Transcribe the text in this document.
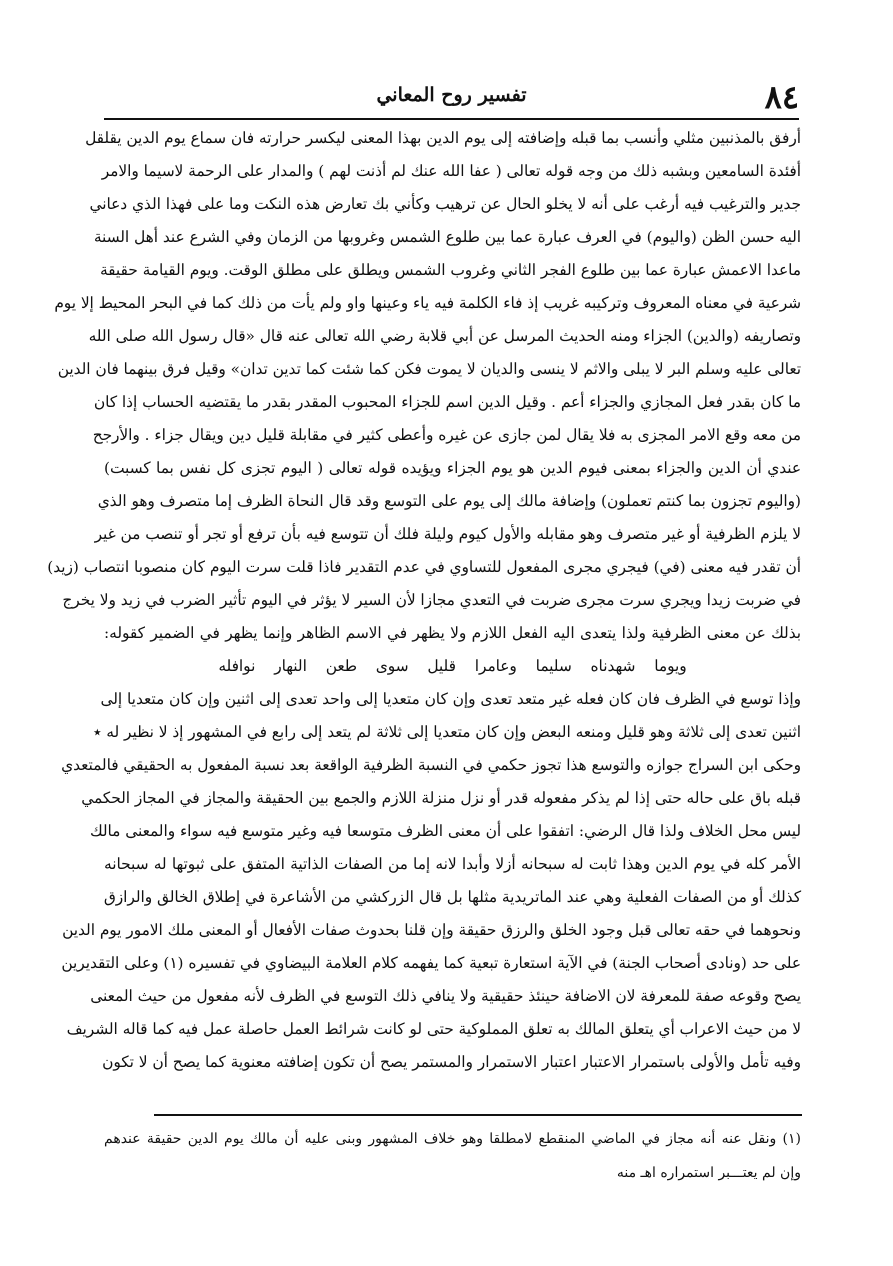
٨٤
تفسير روح المعاني
أرفق بالمذنبين مثلي وأنسب بما قبله وإضافته إلى يوم الدين بهذا المعنى ليكسر حرارته فان سماع يوم الدين يقلقل
أفئدة السامعين وبشبه ذلك من وجه قوله تعالى ( عفا الله عنك لم أذنت لهم ) والمدار على الرحمة لاسيما والامر
جدير والترغيب فيه أرغب على أنه لا يخلو الحال عن ترهيب وكأني بك تعارض هذه النكت وما على فهذا الذي دعاني
اليه حسن الظن (واليوم) في العرف عبارة عما بين طلوع الشمس وغروبها من الزمان وفي الشرع عند أهل السنة
ماعدا الاعمش عبارة عما بين طلوع الفجر الثاني وغروب الشمس ويطلق على مطلق الوقت. ويوم القيامة حقيقة
شرعية في معناه المعروف وتركيبه غريب إذ فاء الكلمة فيه ياء وعينها واو ولم يأت من ذلك كما في البحر المحيط إلا يوم
وتصاريفه (والدين) الجزاء ومنه الحديث المرسل عن أبي قلابة رضي الله تعالى عنه قال «قال رسول الله صلى الله
تعالى عليه وسلم البر لا يبلى والاثم لا ينسى والديان لا يموت فكن كما شئت كما تدين تدان» وقيل فرق بينهما فان الدين
ما كان بقدر فعل المجازي والجزاء أعم . وقيل الدين اسم للجزاء المحبوب المقدر بقدر ما يقتضيه الحساب إذا كان
من معه وقع الامر المجزى به فلا يقال لمن جازى عن غيره وأعطى كثير في مقابلة قليل دين ويقال جزاء . والأرجح
عندي أن الدين والجزاء بمعنى فيوم الدين هو يوم الجزاء ويؤيده قوله تعالى ( اليوم تجزى كل نفس بما كسبت)
(واليوم تجزون بما كنتم تعملون) وإضافة مالك إلى يوم على التوسع وقد قال النحاة الظرف إما متصرف وهو الذي
لا يلزم الظرفية أو غير متصرف وهو مقابله والأول كيوم وليلة فلك أن تتوسع فيه بأن ترفع أو تجر أو تنصب من غير
أن تقدر فيه معنى (في) فيجري مجرى المفعول للتساوي في عدم التقدير فاذا قلت سرت اليوم كان منصوبا انتصاب (زيد)
في ضربت زيدا ويجري سرت مجرى ضربت في التعدي مجازا لأن السير لا يؤثر في اليوم تأثير الضرب في زيد ولا يخرج
بذلك عن معنى الظرفية ولذا يتعدى اليه الفعل اللازم ولا يظهر في الاسم الظاهر وإنما يظهر في الضمير كقوله:
ويوما شهدناه سليما وعامرا قليل سوى طعن النهار نوافله
وإذا توسع في الظرف فان كان فعله غير متعد تعدى وإن كان متعديا إلى واحد تعدى إلى اثنين وإن كان متعديا إلى
اثنين تعدى إلى ثلاثة وهو قليل ومنعه البعض وإن كان متعديا إلى ثلاثة لم يتعد إلى رابع في المشهور إذ لا نظير له ٭
وحكى ابن السراج جوازه والتوسع هذا تجوز حكمي في النسبة الظرفية الواقعة بعد نسبة المفعول به الحقيقي فالمتعدي
قبله باق على حاله حتى إذا لم يذكر مفعوله قدر أو نزل منزلة اللازم والجمع بين الحقيقة والمجاز في المجاز الحكمي
ليس محل الخلاف ولذا قال الرضي: اتفقوا على أن معنى الظرف متوسعا فيه وغير متوسع فيه سواء والمعنى مالك
الأمر كله في يوم الدين وهذا ثابت له سبحانه أزلا وأبدا لانه إما من الصفات الذاتية المتفق على ثبوتها له سبحانه
كذلك أو من الصفات الفعلية وهي عند الماتريدية مثلها بل قال الزركشي من الأشاعرة في إطلاق الخالق والرازق
ونحوهما في حقه تعالى قبل وجود الخلق والرزق حقيقة وإن قلنا بحدوث صفات الأفعال أو المعنى ملك الامور يوم الدين
على حد (ونادى أصحاب الجنة) في الآية استعارة تبعية كما يفهمه كلام العلامة البيضاوي في تفسيره (١) وعلى التقديرين
يصح وقوعه صفة للمعرفة لان الاضافة حينئذ حقيقية ولا ينافي ذلك التوسع في الظرف لأنه مفعول من حيث المعنى
لا من حيث الاعراب أي يتعلق المالك به تعلق المملوكية حتى لو كانت شرائط العمل حاصلة عمل فيه كما قاله الشريف
وفيه تأمل والأولى باستمرار الاعتبار اعتبار الاستمرار والمستمر يصح أن تكون إضافته معنوية كما يصح أن لا تكون
(١) ونقل عنه أنه مجاز في الماضي المنقطع لامطلقا وهو خلاف المشهور وبنى عليه أن مالك يوم الدين حقيقة عندهم
وإن لم يعتـــبر استمراره اهـ منه
